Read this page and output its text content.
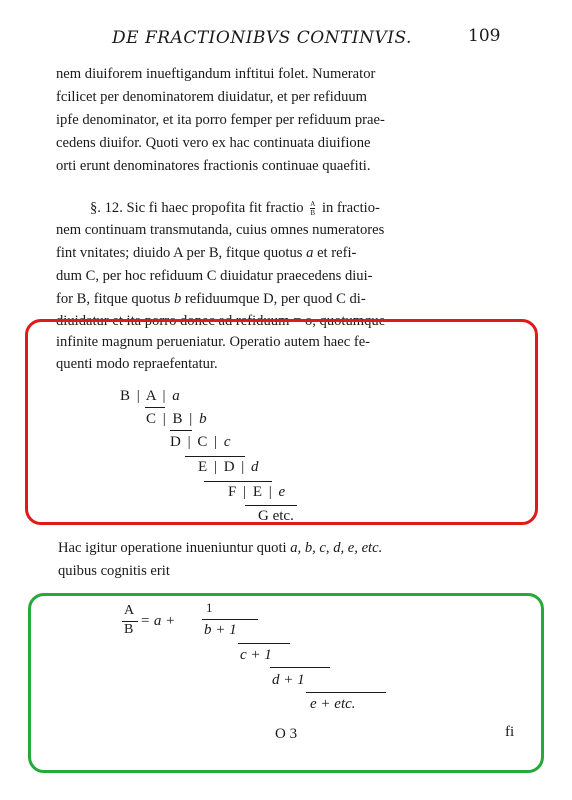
DE FRACTIONIBVS CONTINVIS.	109
nem diuiforem inueftigandum inftitui folet. Numerator
fcilicet per denominatorem diuidatur, et per refiduum
ipfe denominator, et ita porro femper per refiduum prae-
cedens diuifor. Quoti vero ex hac continuata diuifione
orti erunt denominatores fractionis continuae quaefiti.
§. 12. Sic fi haec propofita fit fractio $\frac{A}{B}$ in fractio-
nem continuam transmutanda, cuius omnes numeratores
fint vnitates; diuido A per B, fitque quotus a et refi-
dum C, per hoc refiduum C diuidatur praecedens diui-
for B, fitque quotus b refiduumque D, per quod C di-
diuidatur et ita porro donec ad refiduum = o, quotumque
infinite magnum perueniatur. Operatio autem haec fe-
quenti modo repraefentatur.
B | A | a
C | B | b
D | C | c
E | D | d
F | E | e
G etc.
Hac igitur operatione inueniuntur quoti a, b, c, d, e, etc.
quibus cognitis erit
A
B
= a +
1
b + 1
c + 1
d + 1
e + etc.
O 3	fi
